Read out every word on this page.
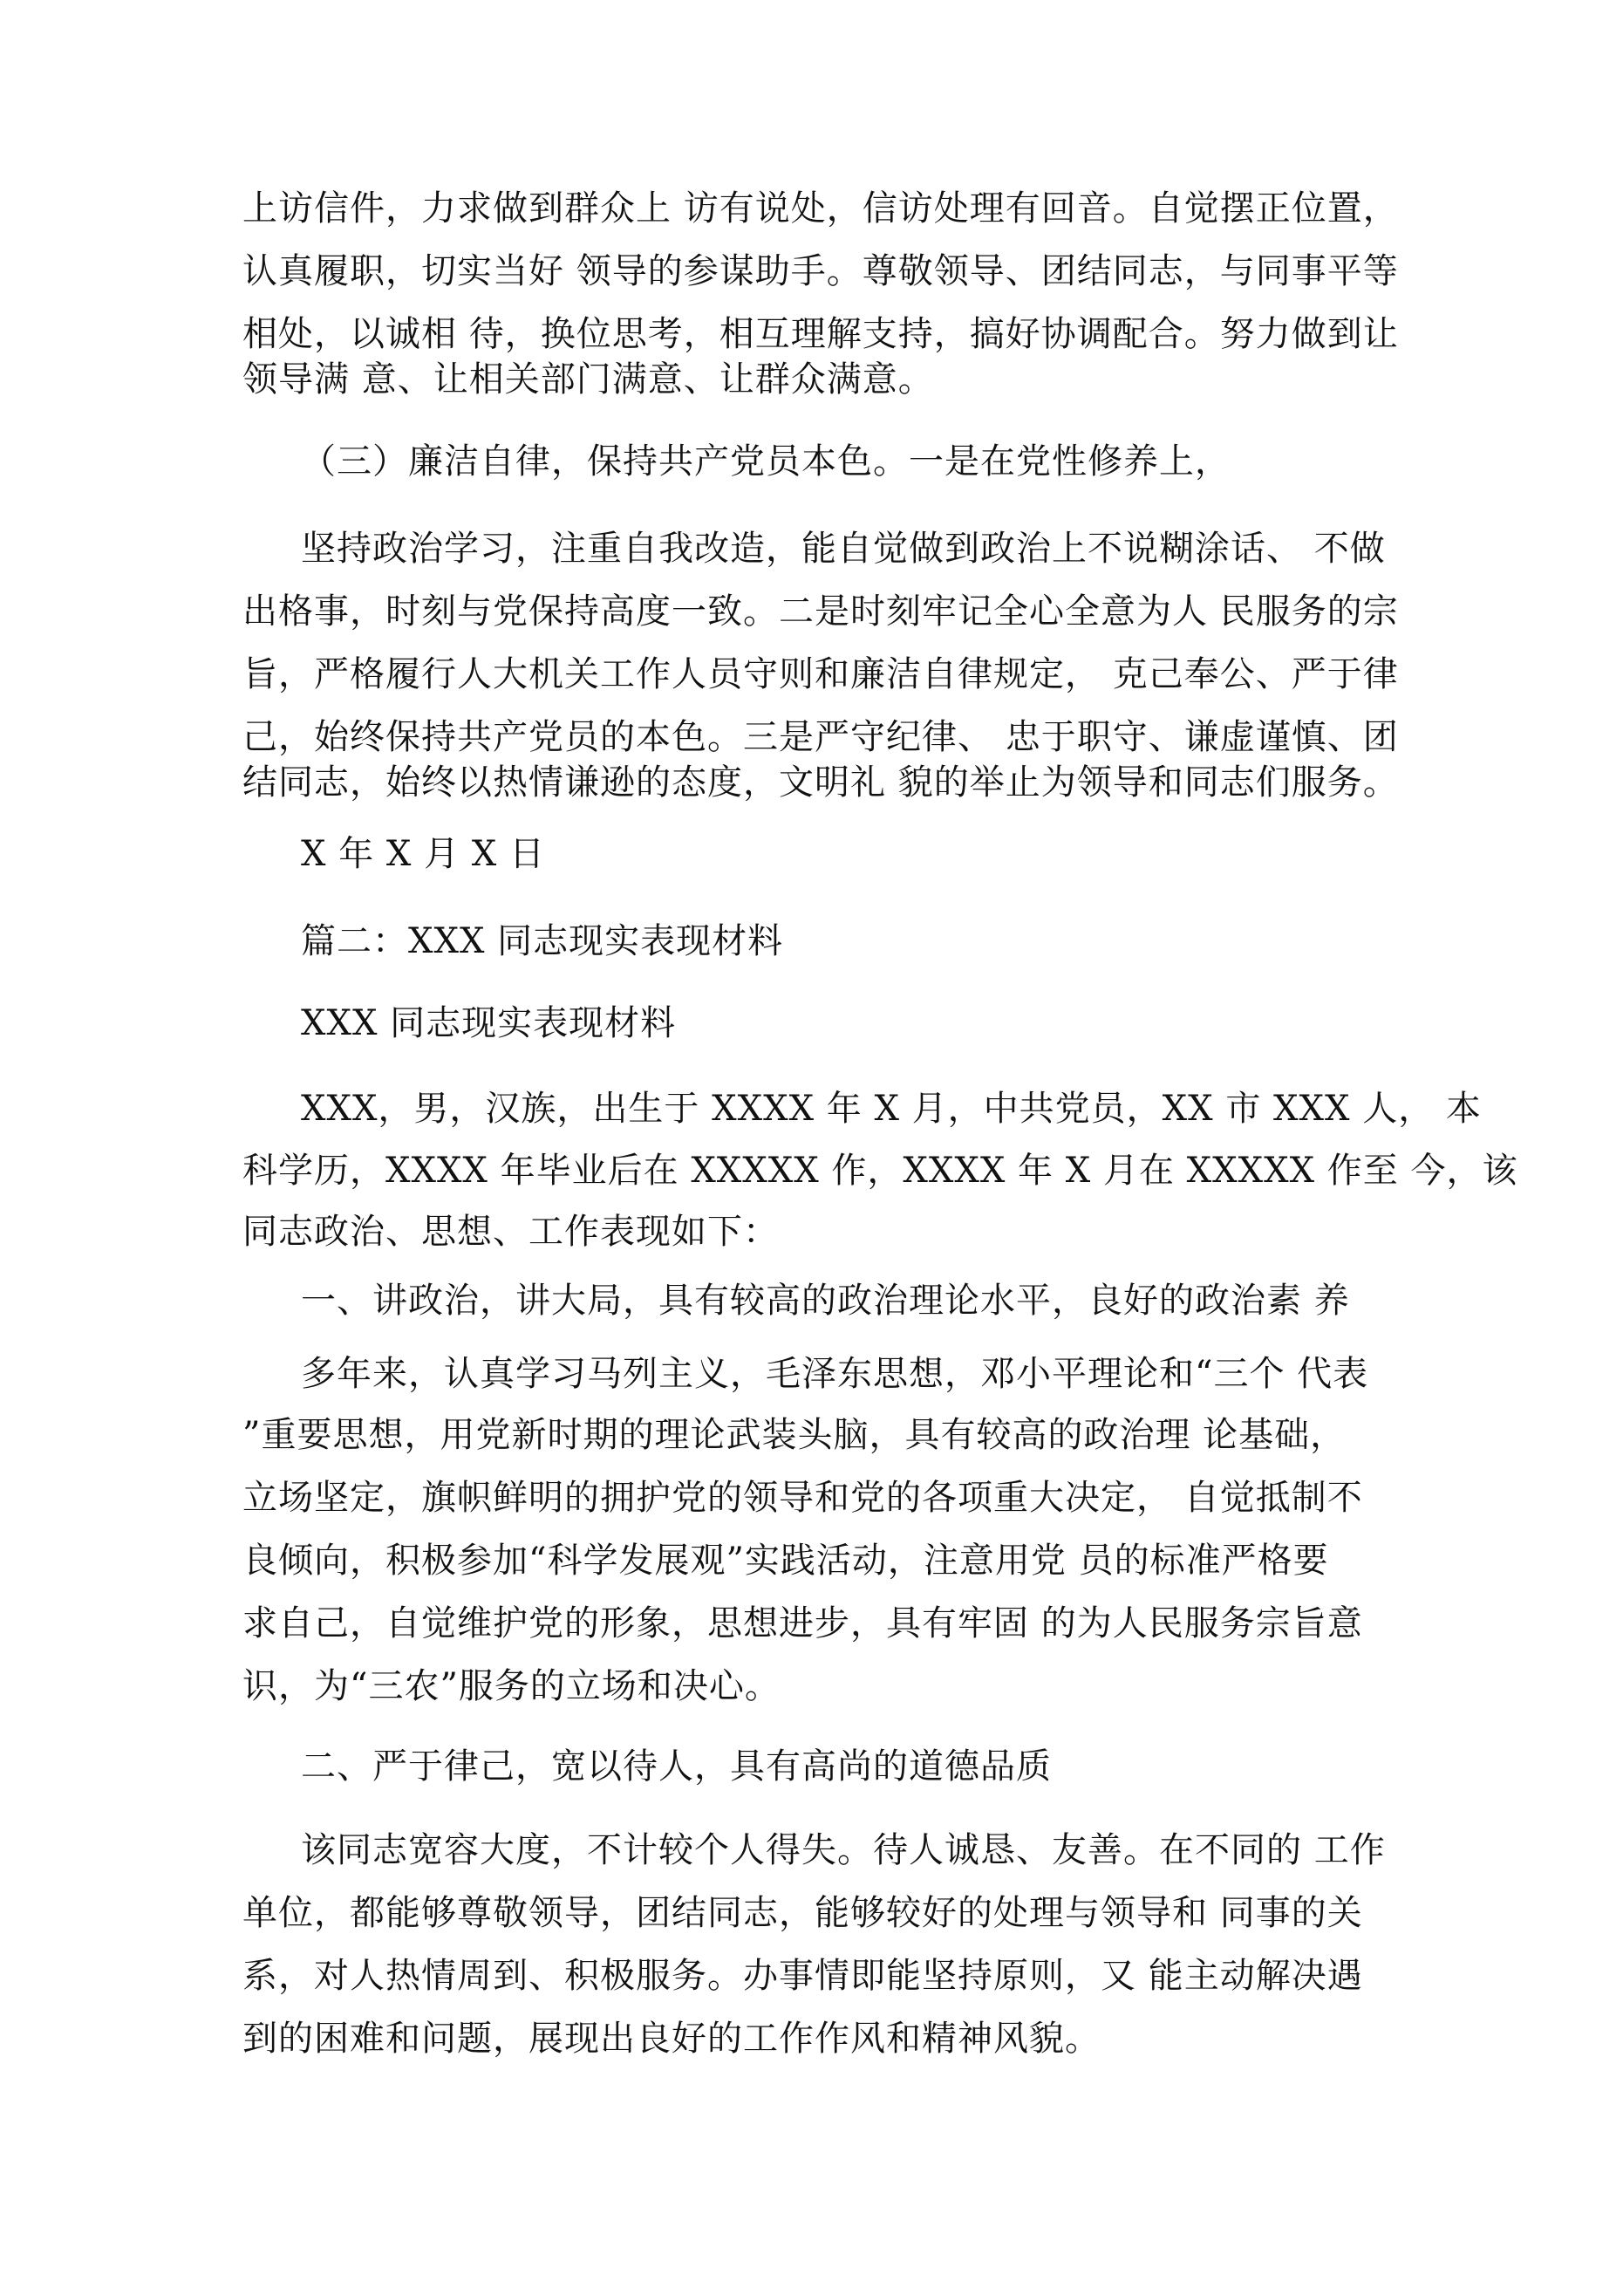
上访信件，力求做到群众上 访有说处，信访处理有回音。自觉摆正位置，
认真履职，切实当好 领导的参谋助手。尊敬领导、团结同志，与同事平等
相处，以诚相 待，换位思考，相互理解支持，搞好协调配合。努力做到让
领导满 意、让相关部门满意、让群众满意。
（三）廉洁自律，保持共产党员本色。一是在党性修养上，
坚持政治学习，注重自我改造，能自觉做到政治上不说糊涂话、 不做
出格事，时刻与党保持高度一致。二是时刻牢记全心全意为人 民服务的宗
旨，严格履行人大机关工作人员守则和廉洁自律规定， 克己奉公、严于律
己，始终保持共产党员的本色。三是严守纪律、 忠于职守、谦虚谨慎、团
结同志，始终以热情谦逊的态度，文明礼 貌的举止为领导和同志们服务。
X 年 X 月 X 日
篇二：XXX 同志现实表现材料
XXX 同志现实表现材料
XXX，男，汉族，出生于 XXXX 年 X 月，中共党员，XX 市 XXX 人， 本
科学历，XXXX 年毕业后在 XXXXX 作，XXXX 年 X 月在 XXXXX 作至 今，该
同志政治、思想、工作表现如下：
一、讲政治，讲大局，具有较高的政治理论水平，良好的政治素 养
多年来，认真学习马列主义，毛泽东思想，邓小平理论和“三个 代表
”重要思想，用党新时期的理论武装头脑，具有较高的政治理 论基础，
立场坚定，旗帜鲜明的拥护党的领导和党的各项重大决定， 自觉抵制不
良倾向，积极参加“科学发展观”实践活动，注意用党 员的标准严格要
求自己，自觉维护党的形象，思想进步，具有牢固 的为人民服务宗旨意
识，为“三农”服务的立场和决心。
二、严于律己，宽以待人，具有高尚的道德品质
该同志宽容大度，不计较个人得失。待人诚恳、友善。在不同的 工作
单位，都能够尊敬领导，团结同志，能够较好的处理与领导和 同事的关
系，对人热情周到、积极服务。办事情即能坚持原则，又 能主动解决遇
到的困难和问题，展现出良好的工作作风和精神风貌。
